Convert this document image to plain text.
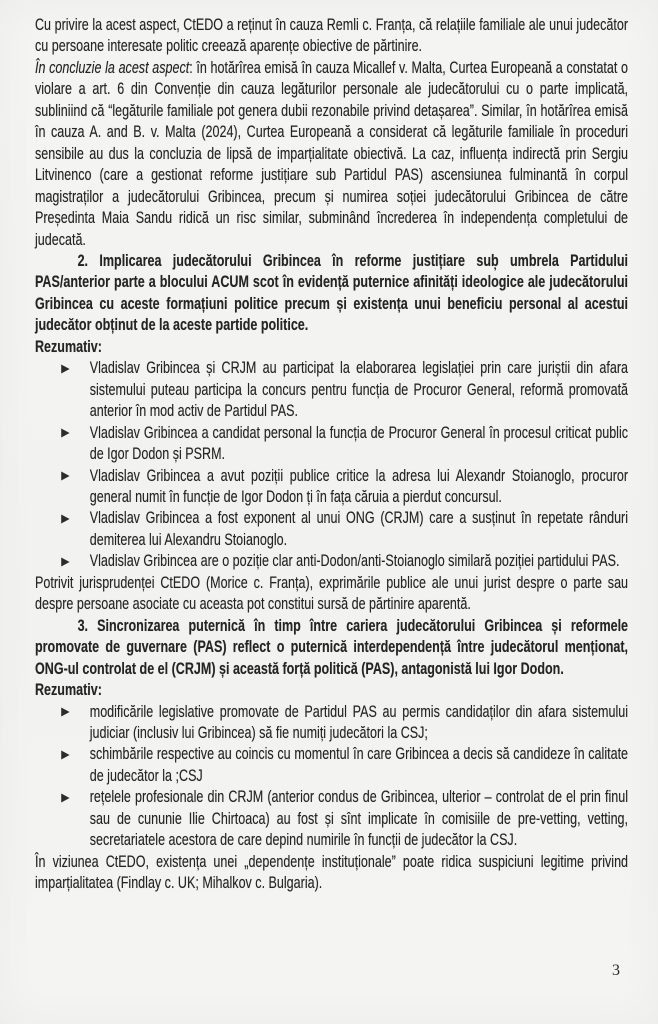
Cu privire la acest aspect, CtEDO a reținut în cauza Remli c. Franța, că relațiile familiale ale unui judecător cu persoane interesate politic creează aparențe obiective de părtinire.

În concluzie la acest aspect: în hotărîrea emisă în cauza Micallef v. Malta, Curtea Europeană a constatat o violare a art. 6 din Convenție din cauza legăturilor personale ale judecătorului cu o parte implicată, subliniind că “legăturile familiale pot genera dubii rezonabile privind detașarea”. Similar, în hotărîrea emisă în cauza A. and B. v. Malta (2024), Curtea Europeană a considerat că legăturile familiale în proceduri sensibile au dus la concluzia de lipsă de imparțialitate obiectivă. La caz, influența indirectă prin Sergiu Litvinenco (care a gestionat reforme justițiare sub Partidul PAS) ascensiunea fulminantă în corpul magistraților a judecătorului Gribincea, precum și numirea soției judecătorului Gribincea de către Președinta Maia Sandu ridică un risc similar, subminând încrederea în independența completului de judecată.

2. Implicarea judecătorului Gribincea în reforme justițiare sub̦ umbrela Partidului PAS/anterior parte a blocului ACUM scot în evidență puternice afinități ideologice ale judecătorului Gribincea cu aceste formațiuni politice precum și existența unui beneficiu personal al acestui judecător obținut de la aceste partide politice.

Rezumativ:

Vladislav Gribincea și CRJM au participat la elaborarea legislației prin care juriștii din afara sistemului puteau participa la concurs pentru funcția de Procuror General, reformă promovată anterior în mod activ de Partidul PAS.
Vladislav Gribincea a candidat personal la funcția de Procuror General în procesul criticat public de Igor Dodon și PSRM.
Vladislav Gribincea a avut poziții publice critice la adresa lui Alexandr Stoianoglo, procuror general numit în funcție de Igor Dodon ți în fața căruia a pierdut concursul.
Vladislav Gribincea a fost exponent al unui ONG (CRJM) care a susținut în repetate rânduri demiterea lui Alexandru Stoianoglo.
Vladislav Gribincea are o poziție clar anti-Dodon/anti-Stoianoglo similară poziției partidului PAS.

Potrivit jurisprudenței CtEDO (Morice c. Franța), exprimările publice ale unui jurist despre o parte sau despre persoane asociate cu aceasta pot constitui sursă de părtinire aparentă.

3. Sincronizarea puternică în timp între cariera judecătorului Gribincea și reformele promovate de guvernare (PAS) reflect o puternică interdependență între judecătorul menționat, ONG-ul controlat de el (CRJM) și această forță politică (PAS), antagonistă lui Igor Dodon.

Rezumativ:

modificările legislative promovate de Partidul PAS au permis candidaților din afara sistemului judiciar (inclusiv lui Gribincea) să fie numiți judecători la CSJ;
schimbările respective au coincis cu momentul în care Gribincea a decis să candideze în calitate de judecător la ;CSJ
rețelele profesionale din CRJM (anterior condus de Gribincea, ulterior – controlat de el prin finul sau de cununie Ilie Chirtoaca) au fost și sînt implicate în comisiile de pre-vetting, vetting, secretariatele acestora de care depind numirile în funcții de judecător la CSJ.

În viziunea CtEDO, existența unei „dependențe instituționale” poate ridica suspiciuni legitime privind imparțialitatea (Findlay c. UK; Mihalkov c. Bulgaria).

3
